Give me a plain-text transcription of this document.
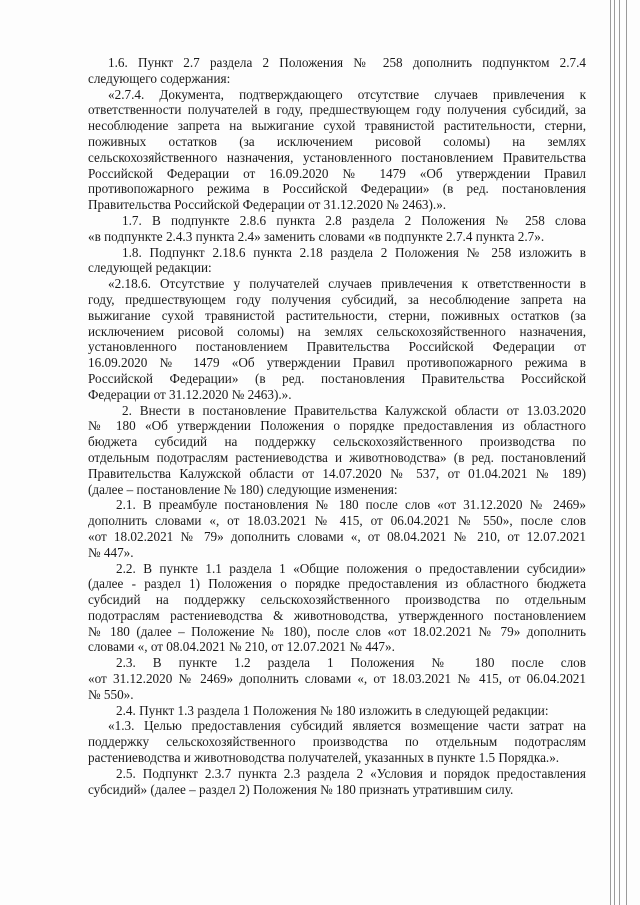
1.6. Пункт 2.7 раздела 2 Положения № 258 дополнить подпунктом 2.7.4
следующего содержания:
«2.7.4. Документа, подтверждающего отсутствие случаев привлечения к
ответственности получателей в году, предшествующем году получения субсидий, за
несоблюдение запрета на выжигание сухой травянистой растительности, стерни,
поживных остатков (за исключением рисовой соломы) на землях
сельскохозяйственного назначения, установленного постановлением Правительства
Российской Федерации от 16.09.2020 № 1479 «Об утверждении Правил
противопожарного режима в Российской Федерации» (в ред. постановления
Правительства Российской Федерации от 31.12.2020 № 2463).».
1.7. В подпункте 2.8.6 пункта 2.8 раздела 2 Положения № 258 слова
«в подпункте 2.4.3 пункта 2.4» заменить словами «в подпункте 2.7.4 пункта 2.7».
1.8. Подпункт 2.18.6 пункта 2.18 раздела 2 Положения № 258 изложить в
следующей редакции:
«2.18.6. Отсутствие у получателей случаев привлечения к ответственности в
году, предшествующем году получения субсидий, за несоблюдение запрета на
выжигание сухой травянистой растительности, стерни, поживных остатков (за
исключением рисовой соломы) на землях сельскохозяйственного назначения,
установленного постановлением Правительства Российской Федерации от
16.09.2020 № 1479 «Об утверждении Правил противопожарного режима в
Российской Федерации» (в ред. постановления Правительства Российской
Федерации от 31.12.2020 № 2463).».
2. Внести в постановление Правительства Калужской области от 13.03.2020
№ 180 «Об утверждении Положения о порядке предоставления из областного
бюджета субсидий на поддержку сельскохозяйственного производства по
отдельным подотраслям растениеводства и животноводства» (в ред. постановлений
Правительства Калужской области от 14.07.2020 № 537, от 01.04.2021 № 189)
(далее – постановление № 180) следующие изменения:
2.1. В преамбуле постановления № 180 после слов «от 31.12.2020 № 2469»
дополнить словами «, от 18.03.2021 № 415, от 06.04.2021 № 550», после слов
«от 18.02.2021 № 79» дополнить словами «, от 08.04.2021 № 210, от 12.07.2021
№ 447».
2.2. В пункте 1.1 раздела 1 «Общие положения о предоставлении субсидии»
(далее - раздел 1) Положения о порядке предоставления из областного бюджета
субсидий на поддержку сельскохозяйственного производства по отдельным
подотраслям растениеводства & животноводства, утвержденного постановлением
№ 180 (далее – Положение № 180), после слов «от 18.02.2021 № 79» дополнить
словами «, от 08.04.2021 № 210, от 12.07.2021 № 447».
2.3. В пункте 1.2 раздела 1 Положения № 180 после слов
«от 31.12.2020 № 2469» дополнить словами «, от 18.03.2021 № 415, от 06.04.2021
№ 550».
2.4. Пункт 1.3 раздела 1 Положения № 180 изложить в следующей редакции:
«1.3. Целью предоставления субсидий является возмещение части затрат на
поддержку сельскохозяйственного производства по отдельным подотраслям
растениеводства и животноводства получателей, указанных в пункте 1.5 Порядка.».
2.5. Подпункт 2.3.7 пункта 2.3 раздела 2 «Условия и порядок предоставления
субсидий» (далее – раздел 2) Положения № 180 признать утратившим силу.
